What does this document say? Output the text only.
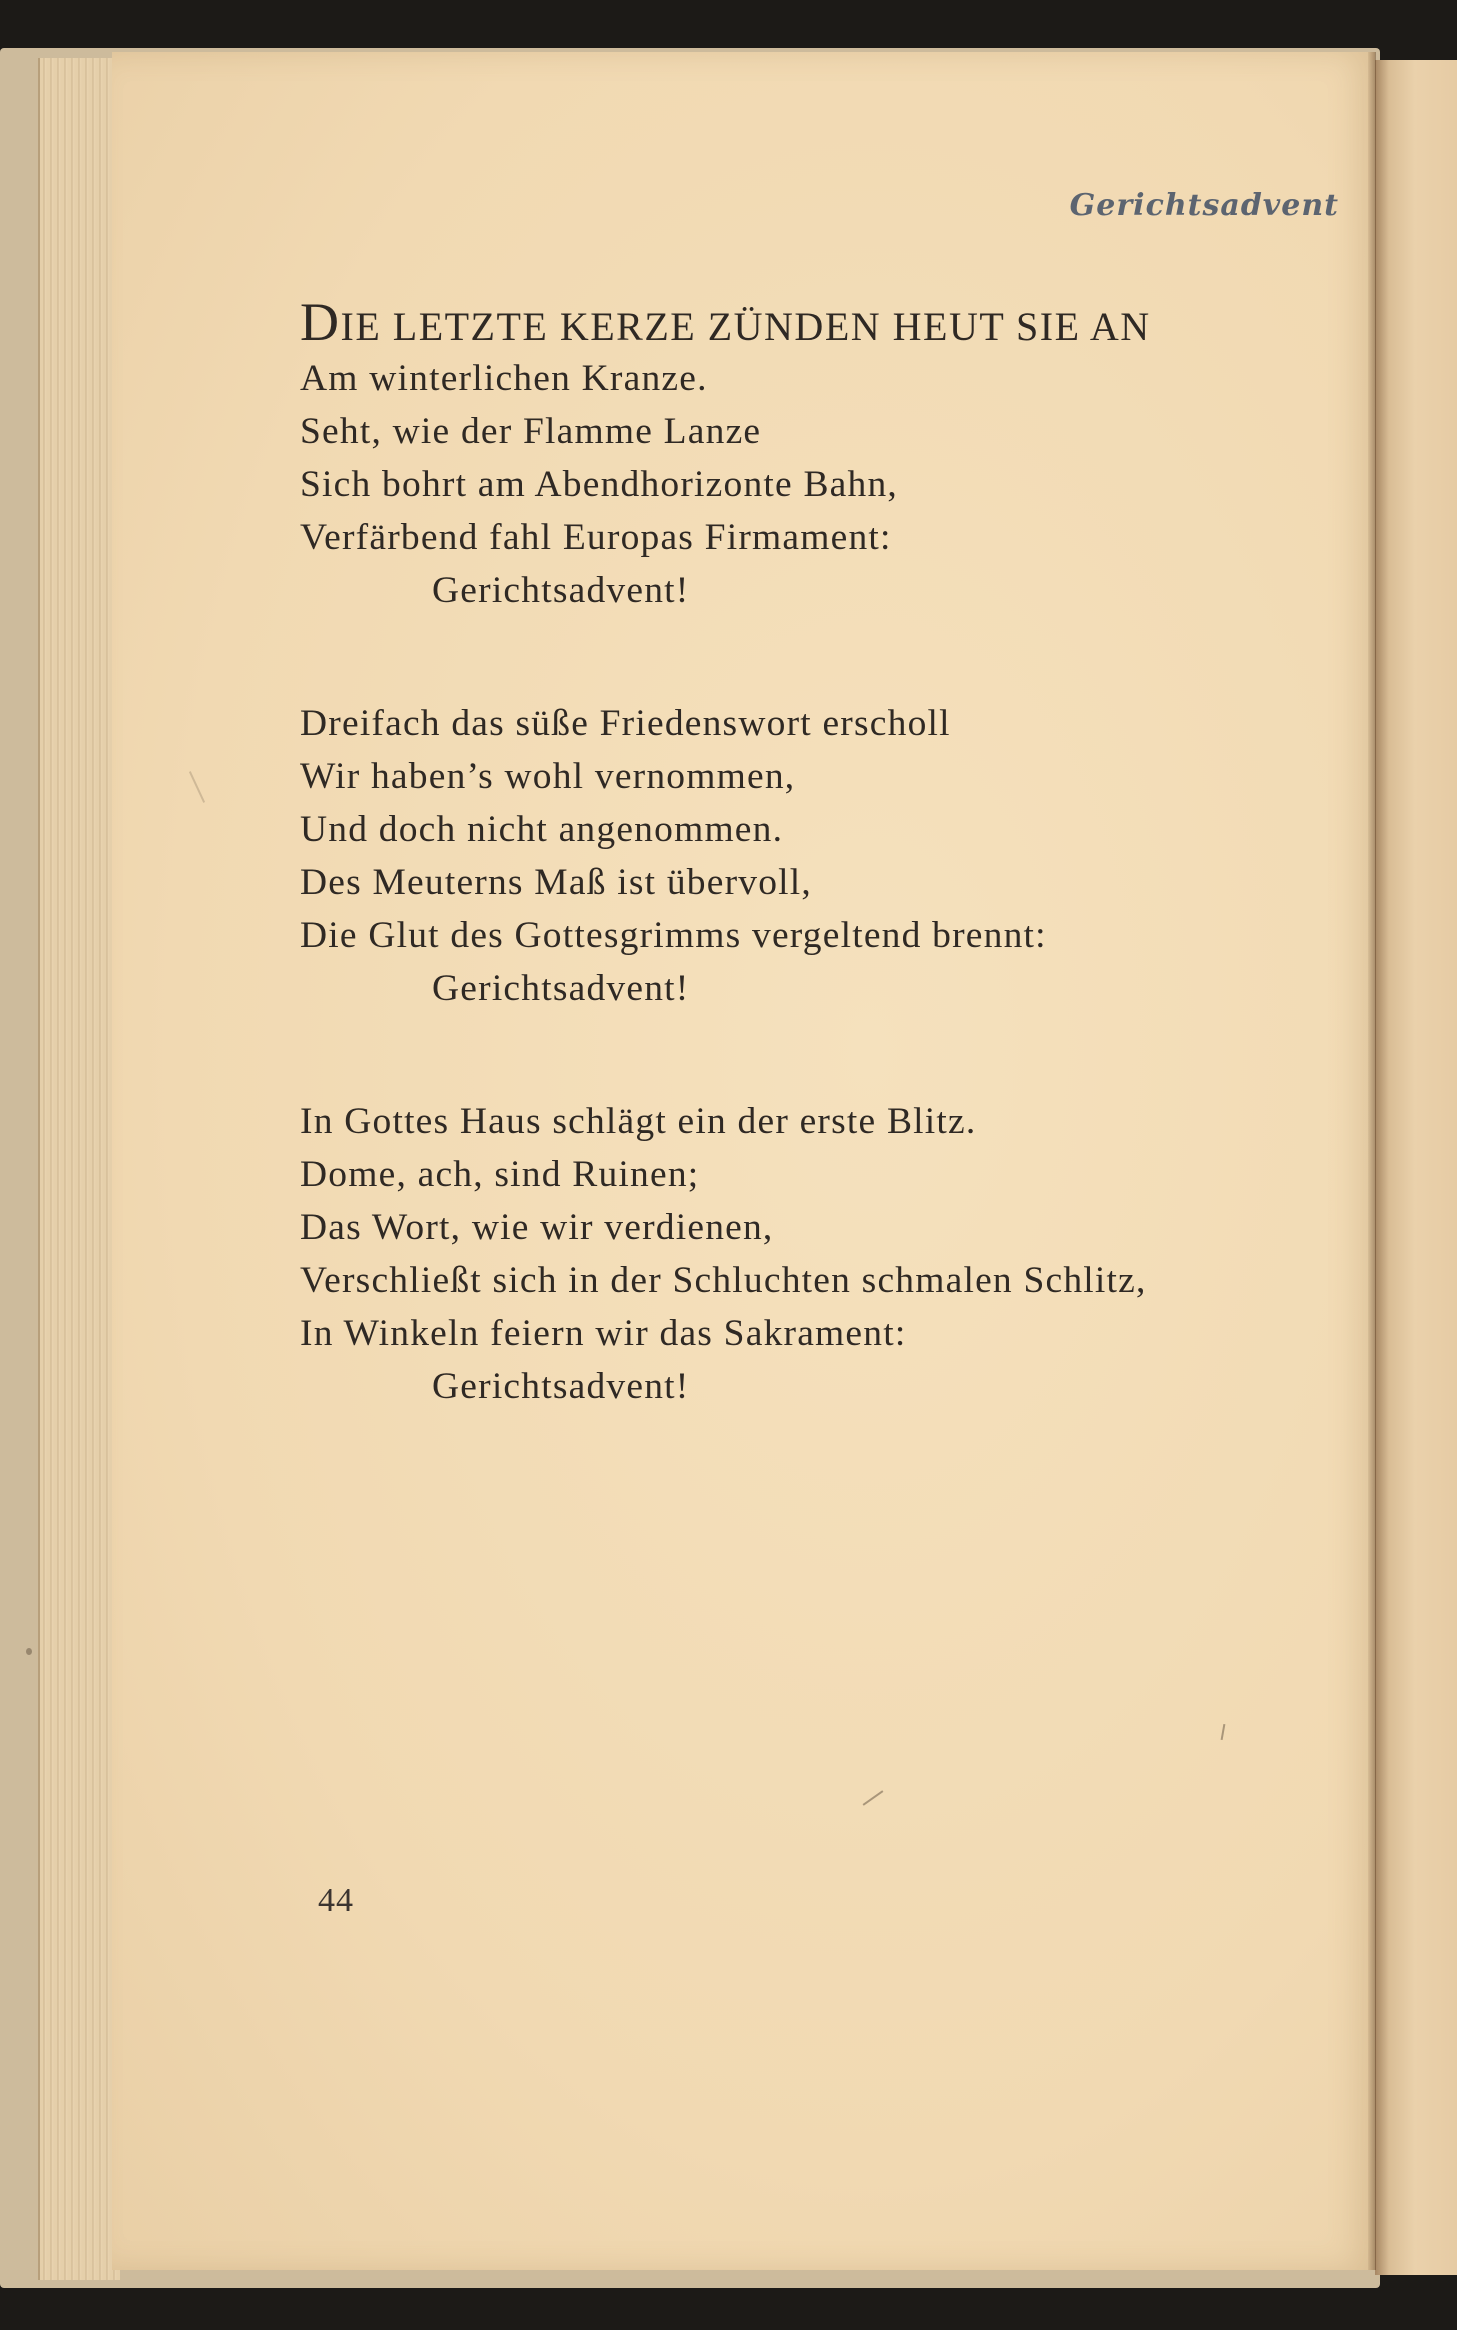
Gerichtsadvent
DIE LETZTE KERZE ZÜNDEN HEUT SIE AN
Am winterlichen Kranze.
Seht, wie der Flamme Lanze
Sich bohrt am Abendhorizonte Bahn,
Verfärbend fahl Europas Firmament:
Gerichtsadvent!
Dreifach das süße Friedenswort erscholl
Wir haben’s wohl vernommen,
Und doch nicht angenommen.
Des Meuterns Maß ist übervoll,
Die Glut des Gottesgrimms vergeltend brennt:
Gerichtsadvent!
In Gottes Haus schlägt ein der erste Blitz.
Dome, ach, sind Ruinen;
Das Wort, wie wir verdienen,
Verschließt sich in der Schluchten schmalen Schlitz,
In Winkeln feiern wir das Sakrament:
Gerichtsadvent!
44
